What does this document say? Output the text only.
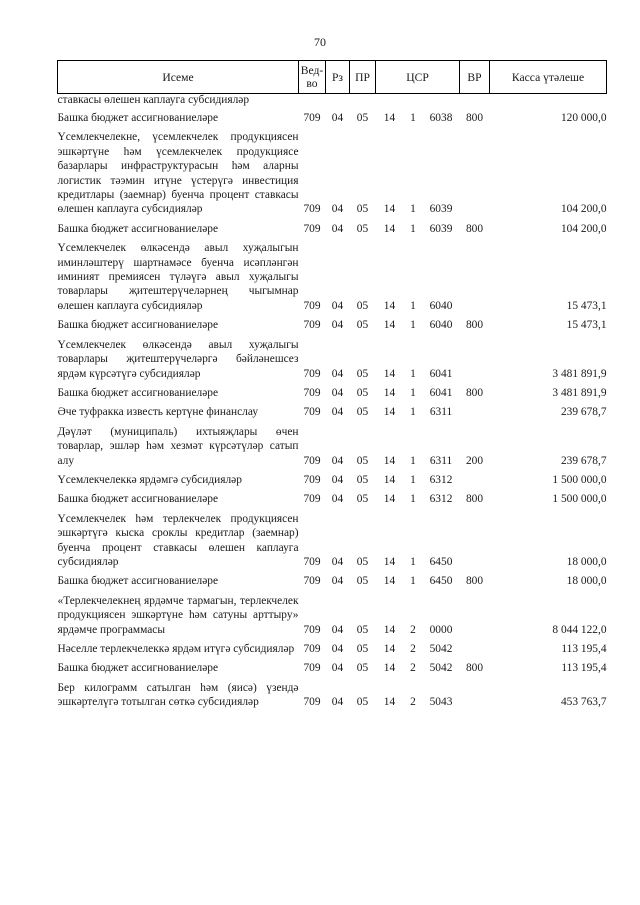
70
Исеме	Вед-во	Рз	ПР	ЦСР			ВР	Касса үтәлеше
ставкасы өлешен каплауга субсидияләр								
Башка бюджет ассигнованиеләре	709	04	05	14	1	6038	800	120 000,0
Үсемлекчелекне, үсемлекчелек продукциясен эшкәртүне һәм үсемлекчелек продукциясе базарлары инфраструктурасын һәм аларны логистик тәэмин итүне үстерүгә инвестиция кредитлары (заемнар) буенча процент ставкасы өлешен каплауга субсидияләр	709	04	05	14	1	6039		104 200,0
Башка бюджет ассигнованиеләре	709	04	05	14	1	6039	800	104 200,0
Үсемлекчелек өлкәсендә авыл хуҗалыгын иминләштерү шартнамәсе буенча исәпләнгән иминият премиясен түләүгә авыл хуҗалыгы товарлары җитештерүчеләрнең чыгымнар өлешен каплауга субсидияләр	709	04	05	14	1	6040		15 473,1
Башка бюджет ассигнованиеләре	709	04	05	14	1	6040	800	15 473,1
Үсемлекчелек өлкәсендә авыл хуҗалыгы товарлары җитештерүчеләргә бәйләнешсез ярдәм күрсәтүгә субсидияләр	709	04	05	14	1	6041		3 481 891,9
Башка бюджет ассигнованиеләре	709	04	05	14	1	6041	800	3 481 891,9
Әче туфракка известь кертүне финанслау	709	04	05	14	1	6311		239 678,7
Дәүләт (муниципаль) ихтыяҗлары өчен товарлар, эшләр һәм хезмәт күрсәтүләр сатып алу	709	04	05	14	1	6311	200	239 678,7
Үсемлекчелеккә ярдәмгә субсидияләр	709	04	05	14	1	6312		1 500 000,0
Башка бюджет ассигнованиеләре	709	04	05	14	1	6312	800	1 500 000,0
Үсемлекчелек һәм терлекчелек продукциясен эшкәртүгә кыска сроклы кредитлар (заемнар) буенча процент ставкасы өлешен каплауга субсидияләр	709	04	05	14	1	6450		18 000,0
Башка бюджет ассигнованиеләре	709	04	05	14	1	6450	800	18 000,0
«Терлекчелекнең ярдәмче тармагын, терлекчелек продукциясен эшкәртүне һәм сатуны арттыру» ярдәмче программасы	709	04	05	14	2	0000		8 044 122,0
Нәселле терлекчелеккә ярдәм итүгә субсидияләр	709	04	05	14	2	5042		113 195,4
Башка бюджет ассигнованиеләре	709	04	05	14	2	5042	800	113 195,4
Бер килограмм сатылган һәм (яисә) үзендә эшкәртелүгә тотылган сөткә субсидияләр	709	04	05	14	2	5043		453 763,7
